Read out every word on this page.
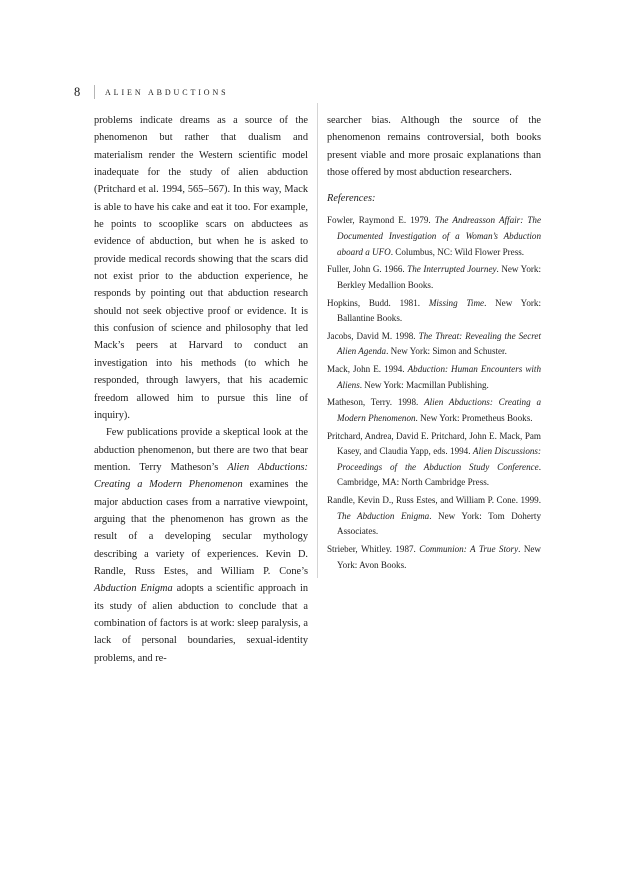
8	ALIEN ABDUCTIONS

problems indicate dreams as a source of the phenomenon but rather that dualism and materialism render the Western scientific model inadequate for the study of alien abduction (Pritchard et al. 1994, 565–567). In this way, Mack is able to have his cake and eat it too. For example, he points to scooplike scars on abductees as evidence of abduction, but when he is asked to provide medical records showing that the scars did not exist prior to the abduction experience, he responds by pointing out that abduction research should not seek objective proof or evidence. It is this confusion of science and philosophy that led Mack’s peers at Harvard to conduct an investigation into his methods (to which he responded, through lawyers, that his academic freedom allowed him to pursue this line of inquiry).

Few publications provide a skeptical look at the abduction phenomenon, but there are two that bear mention. Terry Matheson’s Alien Abductions: Creating a Modern Phenomenon examines the major abduction cases from a narrative viewpoint, arguing that the phenomenon has grown as the result of a developing secular mythology describing a variety of experiences. Kevin D. Randle, Russ Estes, and William P. Cone’s Abduction Enigma adopts a scientific approach in its study of alien abduction to conclude that a combination of factors is at work: sleep paralysis, a lack of personal boundaries, sexual-identity problems, and re-

searcher bias. Although the source of the phenomenon remains controversial, both books present viable and more prosaic explanations than those offered by most abduction researchers.

References:
Fowler, Raymond E. 1979. The Andreasson Affair: The Documented Investigation of a Woman’s Abduction aboard a UFO. Columbus, NC: Wild Flower Press.
Fuller, John G. 1966. The Interrupted Journey. New York: Berkley Medallion Books.
Hopkins, Budd. 1981. Missing Time. New York: Ballantine Books.
Jacobs, David M. 1998. The Threat: Revealing the Secret Alien Agenda. New York: Simon and Schuster.
Mack, John E. 1994. Abduction: Human Encounters with Aliens. New York: Macmillan Publishing.
Matheson, Terry. 1998. Alien Abductions: Creating a Modern Phenomenon. New York: Prometheus Books.
Pritchard, Andrea, David E. Pritchard, John E. Mack, Pam Kasey, and Claudia Yapp, eds. 1994. Alien Discussions: Proceedings of the Abduction Study Conference. Cambridge, MA: North Cambridge Press.
Randle, Kevin D., Russ Estes, and William P. Cone. 1999. The Abduction Enigma. New York: Tom Doherty Associates.
Strieber, Whitley. 1987. Communion: A True Story. New York: Avon Books.
